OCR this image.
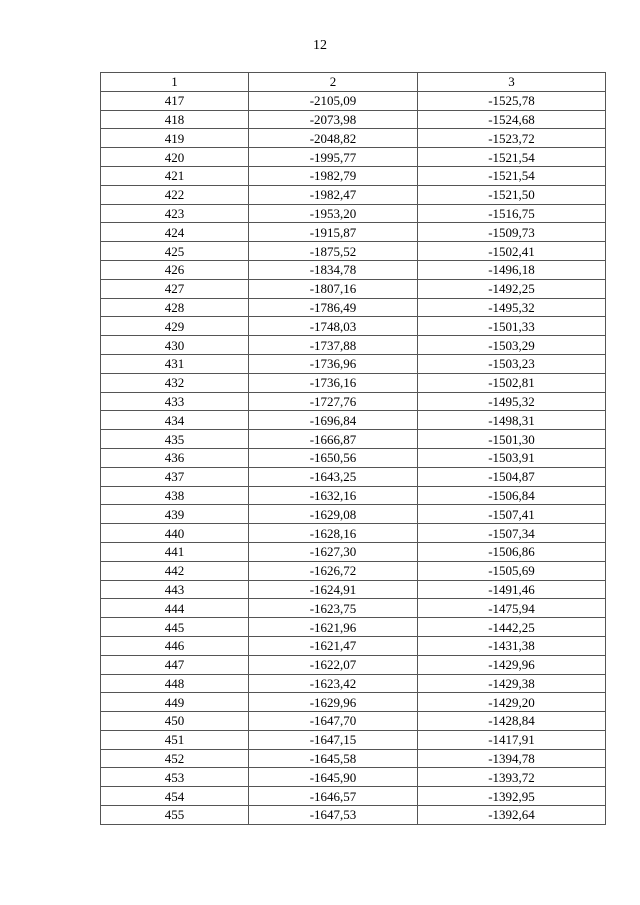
12
1	2	3
417	-2105,09	-1525,78
418	-2073,98	-1524,68
419	-2048,82	-1523,72
420	-1995,77	-1521,54
421	-1982,79	-1521,54
422	-1982,47	-1521,50
423	-1953,20	-1516,75
424	-1915,87	-1509,73
425	-1875,52	-1502,41
426	-1834,78	-1496,18
427	-1807,16	-1492,25
428	-1786,49	-1495,32
429	-1748,03	-1501,33
430	-1737,88	-1503,29
431	-1736,96	-1503,23
432	-1736,16	-1502,81
433	-1727,76	-1495,32
434	-1696,84	-1498,31
435	-1666,87	-1501,30
436	-1650,56	-1503,91
437	-1643,25	-1504,87
438	-1632,16	-1506,84
439	-1629,08	-1507,41
440	-1628,16	-1507,34
441	-1627,30	-1506,86
442	-1626,72	-1505,69
443	-1624,91	-1491,46
444	-1623,75	-1475,94
445	-1621,96	-1442,25
446	-1621,47	-1431,38
447	-1622,07	-1429,96
448	-1623,42	-1429,38
449	-1629,96	-1429,20
450	-1647,70	-1428,84
451	-1647,15	-1417,91
452	-1645,58	-1394,78
453	-1645,90	-1393,72
454	-1646,57	-1392,95
455	-1647,53	-1392,64
